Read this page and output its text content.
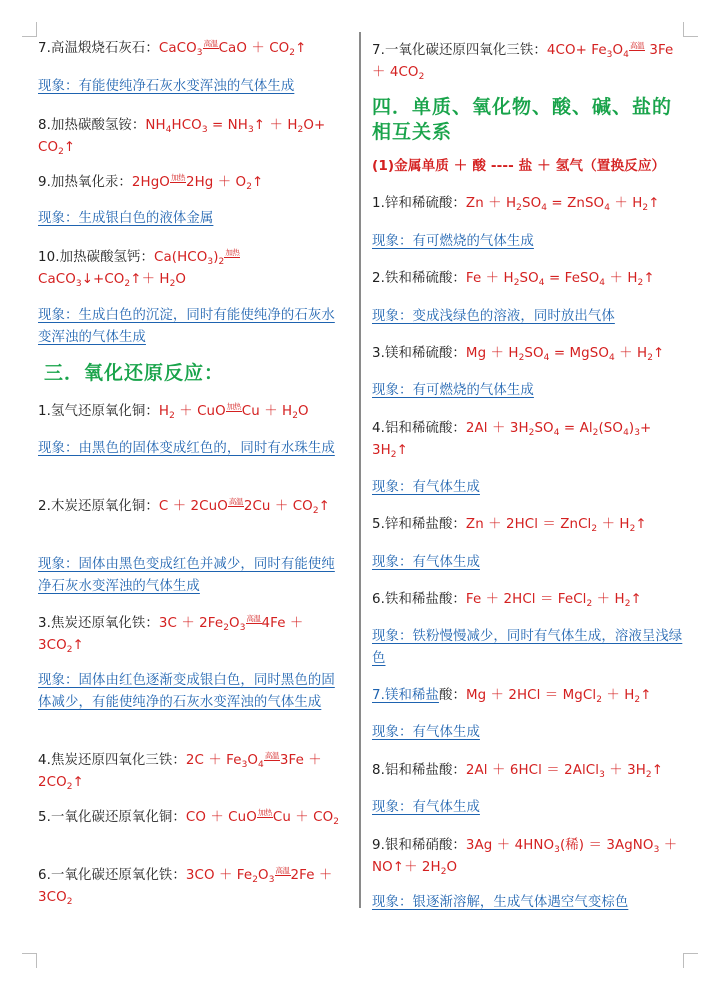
7.高温煅烧石灰石：CaCO$_3^{高温}$CaO ＋ $CO_2↑$
现象：有能使纯净石灰水变浑浊的气体生成
8.加热碳酸氢铵：$NH_4HCO_3$ = $NH_3↑ + H_2O+$ $CO_2↑$
9.加热氧化汞：$2HgO^{加热}2Hg + O_2↑$
现象：生成银白色的液体金属
10.加热碳酸氢钙：$Ca(HCO_3)_2^{加热}$ $CaCO_3↓+CO_2↑+ H_2O$
现象：生成白色的沉淀，同时有能使纯净的石灰水变浑浊的气体生成
三．氧化还原反应：
1.氢气还原氧化铜：$H_2 + CuO^{加热}Cu + H_2O$
现象：由黑色的固体变成红色的，同时有水珠生成
2.木炭还原氧化铜：$C + 2CuO^{高温}2Cu + CO_2↑$
现象：固体由黑色变成红色并减少，同时有能使纯净石灰水变浑浊的气体生成
3.焦炭还原氧化铁：$3C + 2Fe_2O_3^{高温}4Fe$ ＋ $3CO_2↑$
现象：固体由红色逐渐变成银白色，同时黑色的固体减少，有能使纯净的石灰水变浑浊的气体生成
4.焦炭还原四氧化三铁：$2C + Fe_3O_4^{高温}3Fe$ ＋ $2CO_2↑$
5.一氧化碳还原氧化铜：CO ＋ $CuO^{加热}Cu + CO_2$
6.一氧化碳还原氧化铁：$3CO + Fe_2O_3^{高温}2Fe + 3CO_2$
7.一氧化碳还原四氧化三铁：$4CO+ Fe_3O_4^{高温}$ $3Fe + 4CO_2$
四．单质、氧化物、酸、碱、盐的相互关系
(1)金属单质 ＋ 酸 ---- 盐 ＋ 氢气（置换反应）
1.锌和稀硫酸：$Zn + H_2SO_4$ = ZnSO$_4$ ＋ $H_2↑$
现象：有可燃烧的气体生成
2.铁和稀硫酸：$Fe + H_2SO_4$ = FeSO$_4$ ＋ $H_2↑$
现象：变成浅绿色的溶液，同时放出气体
3.镁和稀硫酸：$Mg + H_2SO_4$ = MgSO$_4$ ＋ $H_2↑$
现象：有可燃烧的气体生成
4.铝和稀硫酸：$2Al + 3H_2SO_4 = Al_2(SO_4)_3+$ $3H_2↑$
现象：有气体生成
5.锌和稀盐酸：Zn ＋ 2HCl ＝ ZnCl$_2$ ＋ $H_2↑$
现象：有气体生成
6.铁和稀盐酸：Fe ＋ 2HCl ＝ FeCl$_2$ ＋ $H_2↑$
现象：铁粉慢慢减少，同时有气体生成，溶液呈浅绿色
7.镁和稀盐酸：Mg ＋ 2HCl ＝ MgCl$_2$ ＋ $H_2↑$
现象：有气体生成
8.铝和稀盐酸：2Al ＋ 6HCl ＝ 2AlCl$_3$ ＋ $3H_2↑$
现象：有气体生成
9.银和稀硝酸：$3Ag + 4HNO_3$(稀) ＝ 3AgNO$_3$ ＋ NO↑＋ $2H_2O$
现象：银逐渐溶解，生成气体遇空气变棕色
